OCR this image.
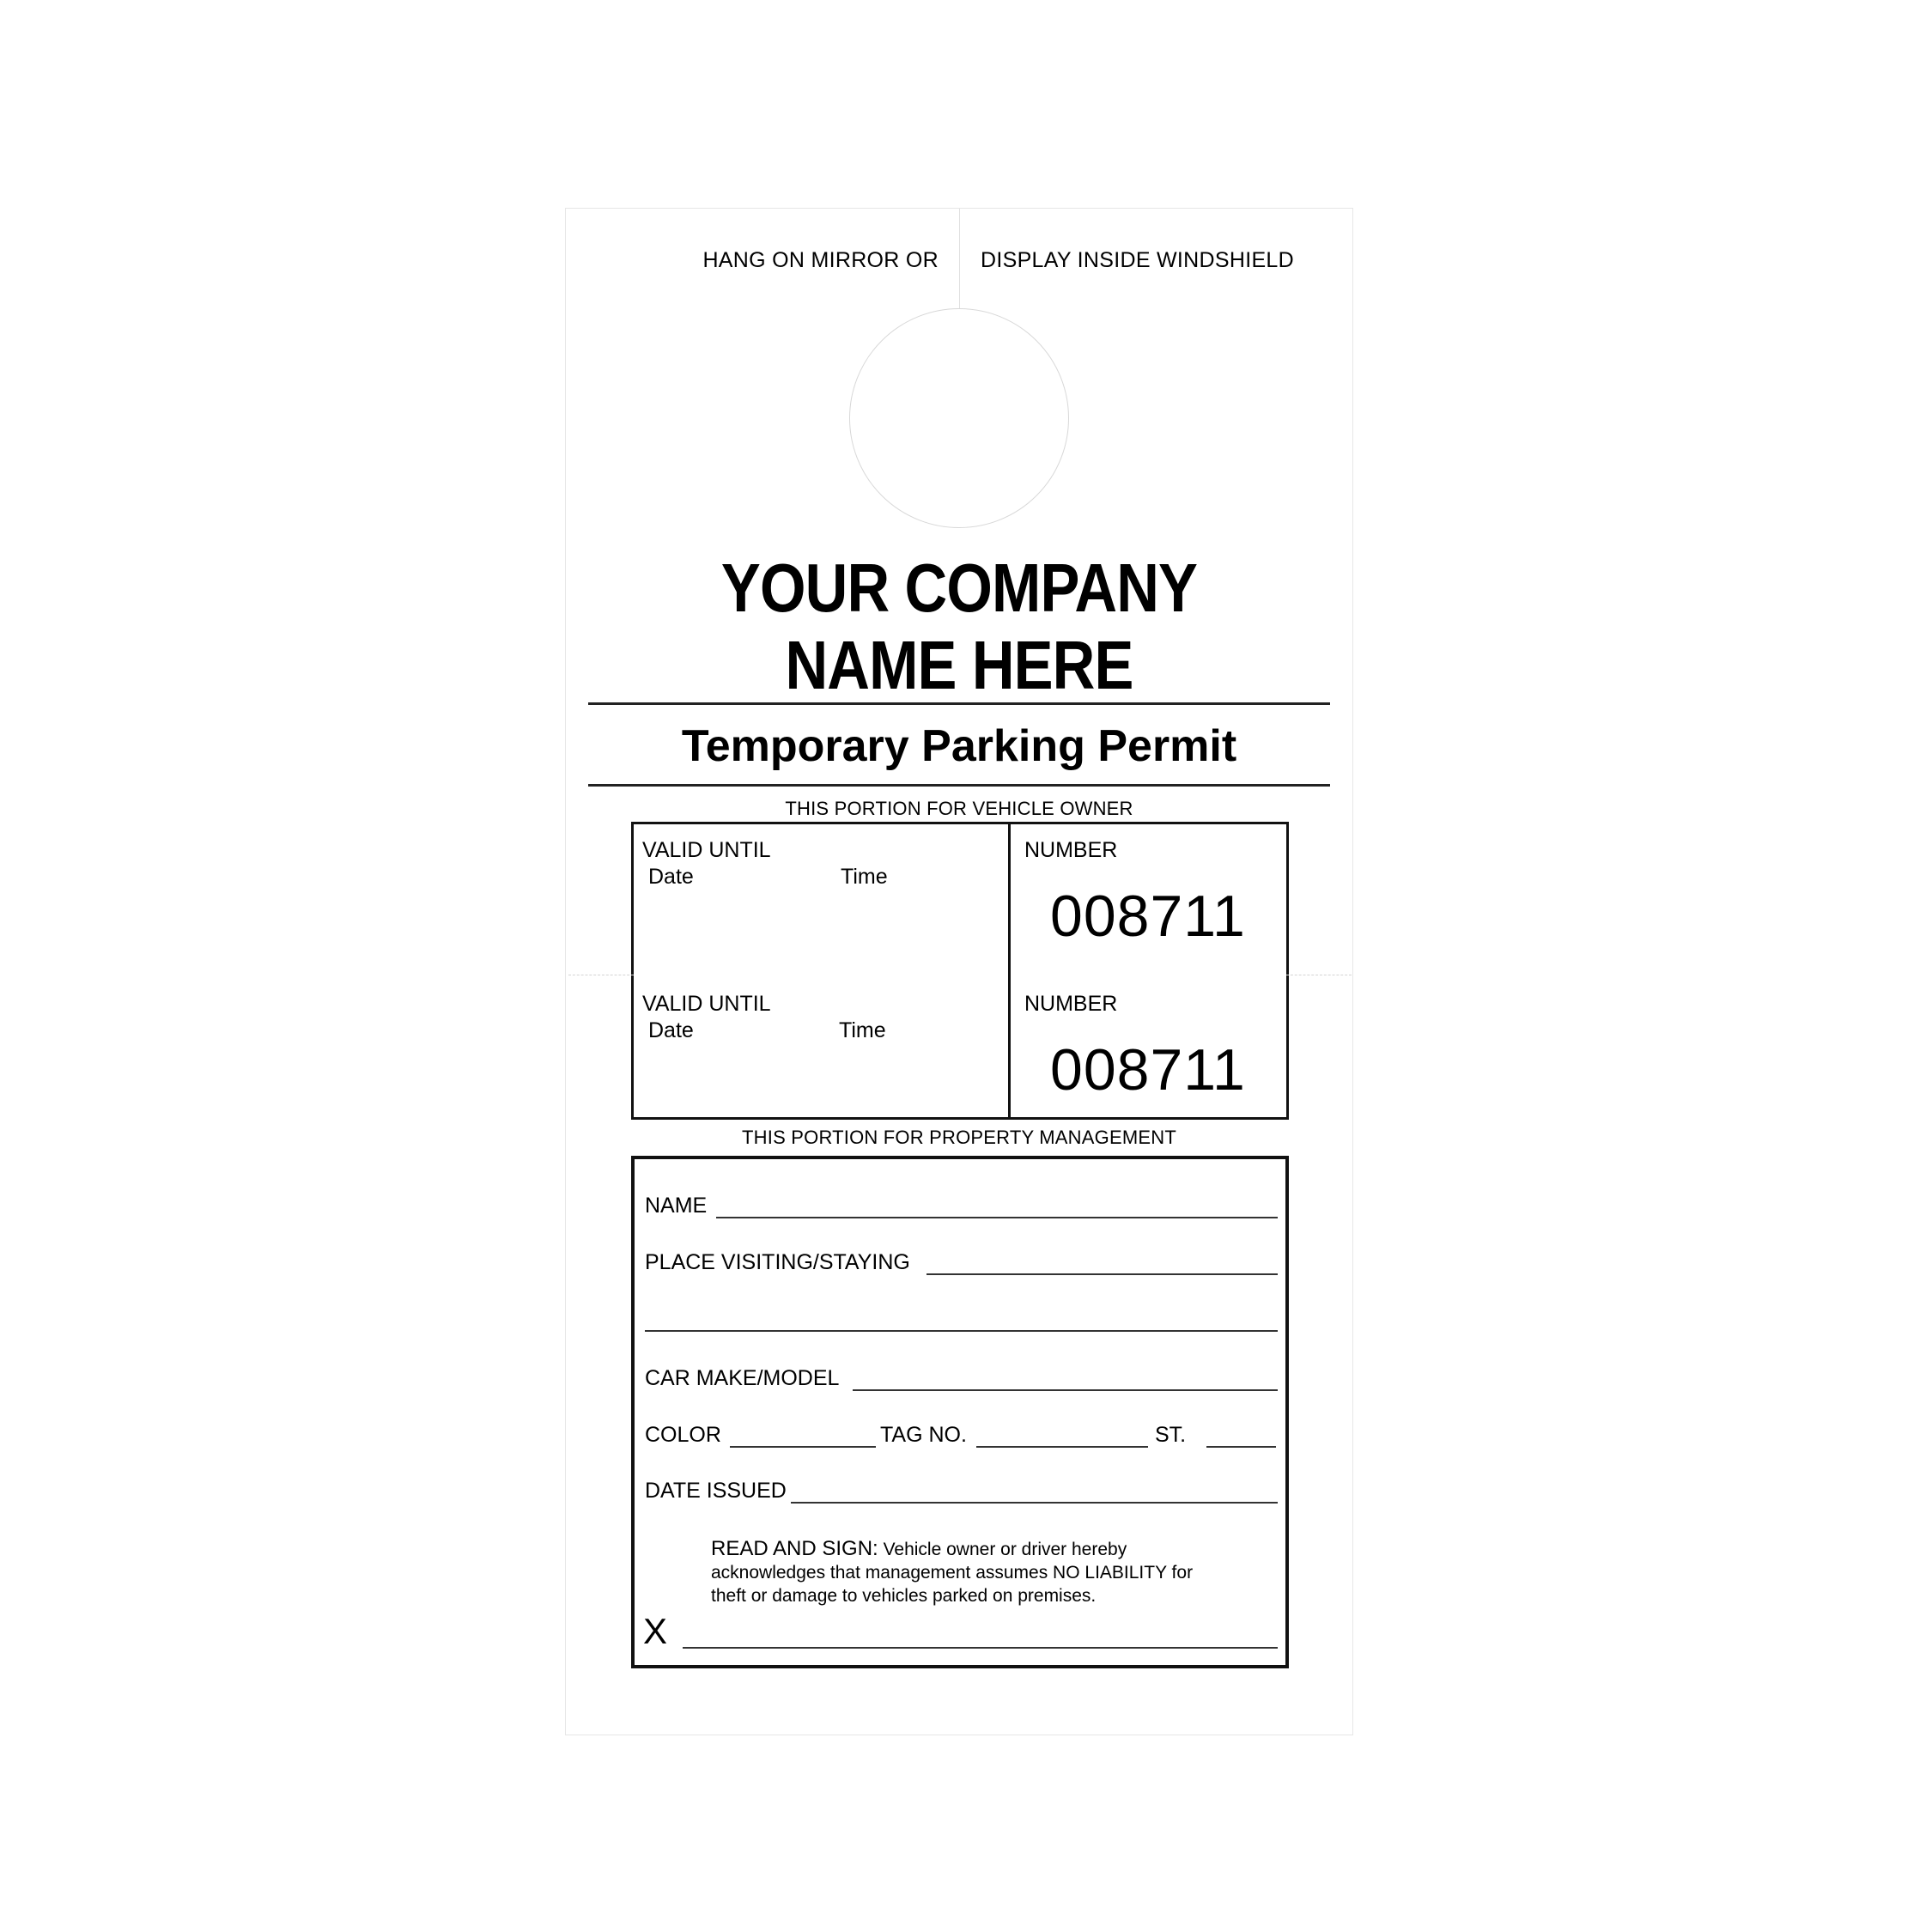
HANG ON MIRROR OR DISPLAY INSIDE WINDSHIELD
YOUR COMPANY
NAME HERE
Temporary Parking Permit
THIS PORTION FOR VEHICLE OWNER
VALID UNTIL
Date	Time
NUMBER
008711
VALID UNTIL
Date	Time
NUMBER
008711
THIS PORTION FOR PROPERTY MANAGEMENT
NAME
PLACE VISITING/STAYING
CAR MAKE/MODEL
COLOR	TAG NO.	ST.
DATE ISSUED
READ AND SIGN: Vehicle owner or driver hereby acknowledges that management assumes NO LIABILITY for theft or damage to vehicles parked on premises.
X
